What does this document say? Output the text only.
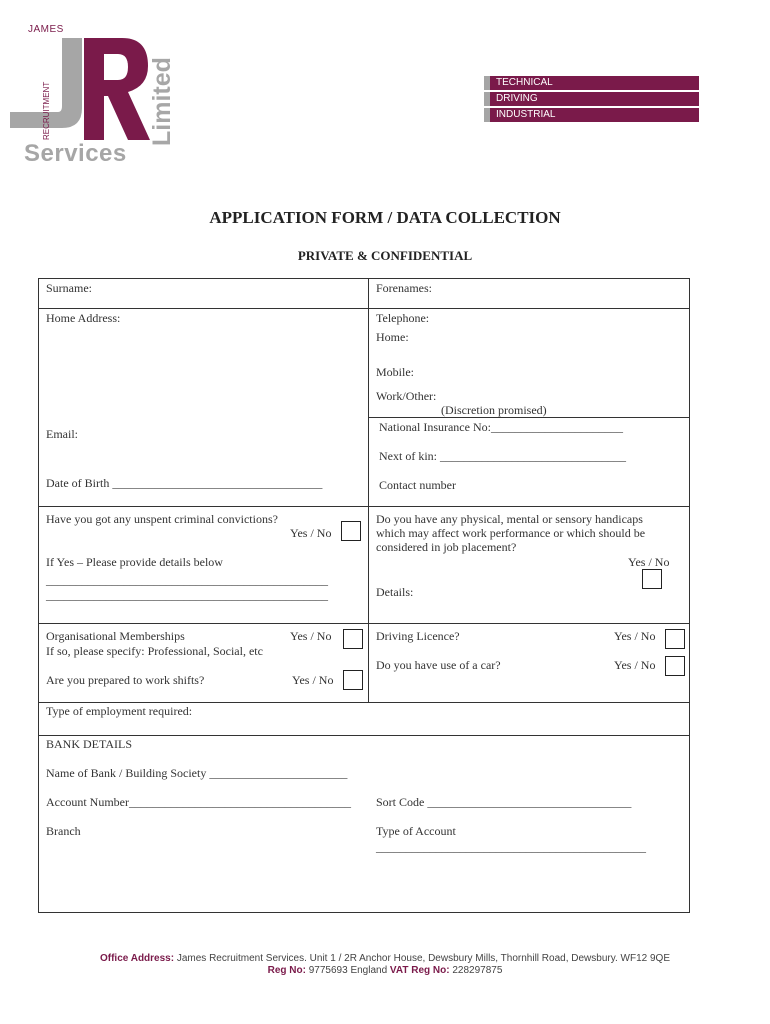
JAMES
RECRUITMENT	Limited
Services
TECHNICAL
DRIVING
INDUSTRIAL
APPLICATION FORM / DATA COLLECTION
PRIVATE & CONFIDENTIAL
Surname:	Forenames:
Home Address:	Telephone:
Home:
Mobile:
Work/Other:
(Discretion promised)
Email:	National Insurance No:______________________
Next of kin: _______________________________
Date of Birth ___________________________________	Contact number
Have you got any unspent criminal convictions?
Yes / No
If Yes – Please provide details below
_______________________________________________
_______________________________________________
Do you have any physical, mental or sensory handicaps
which may affect work performance or which should be
considered in job placement?
Yes / No
Details:
Organisational Memberships	Yes / No
If so, please specify: Professional, Social, etc
Are you prepared to work shifts?	Yes / No
Driving Licence?	Yes / No
Do you have use of a car?	Yes / No
Type of employment required:
BANK DETAILS
Name of Bank / Building Society _______________________
Account Number_____________________________________ Sort Code __________________________________
Branch	Type of Account
_____________________________________________
Office Address: James Recruitment Services. Unit 1 / 2R Anchor House, Dewsbury Mills, Thornhill Road, Dewsbury. WF12 9QE
Reg No: 9775693 England VAT Reg No: 228297875
